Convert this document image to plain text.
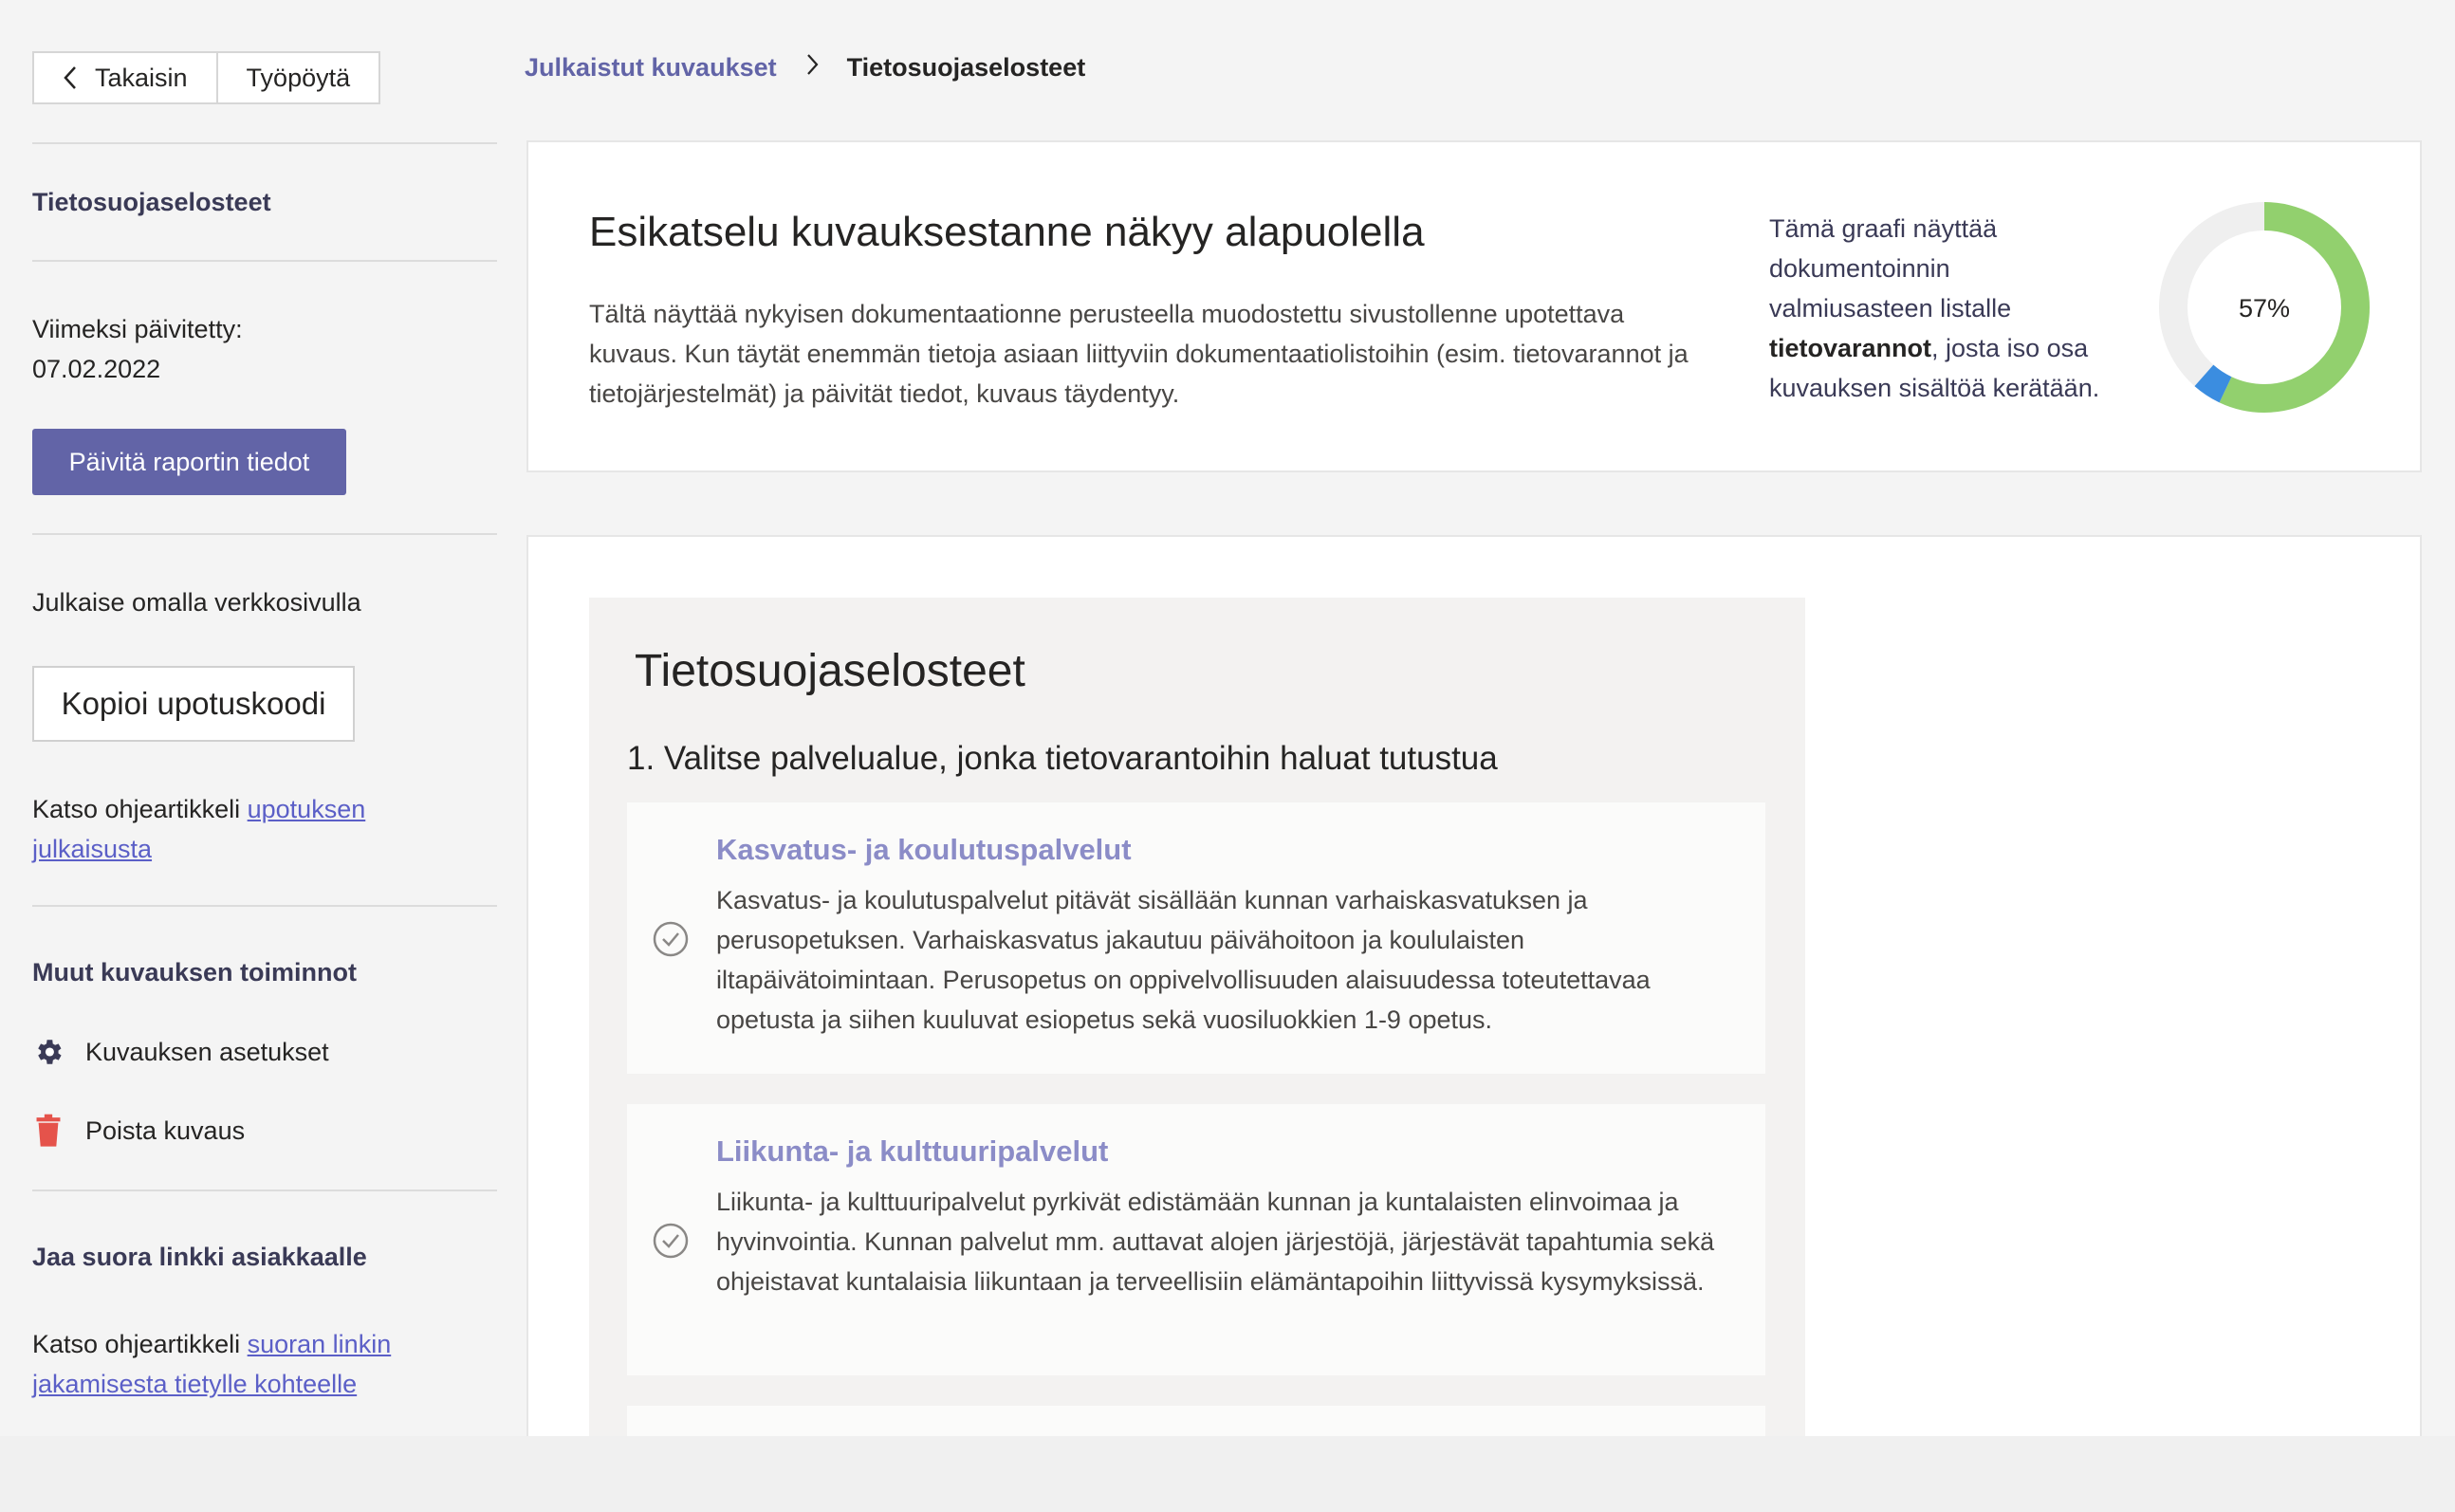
Takaisin Työpöytä
Tietosuojaselosteet
Viimeksi päivitetty:
07.02.2022
Päivitä raportin tiedot
Julkaise omalla verkkosivulla
Kopioi upotuskoodi
Katso ohjeartikkeli upotuksen julkaisusta
Muut kuvauksen toiminnot
Kuvauksen asetukset
Poista kuvaus
Jaa suora linkki asiakkaalle
Katso ohjeartikkeli suoran linkin jakamisesta tietylle kohteelle
Julkaistut kuvaukset	Tietosuojaselosteet
Esikatselu kuvauksestanne näkyy alapuolella
Tältä näyttää nykyisen dokumentaationne perusteella muodostettu sivustollenne upotettava kuvaus. Kun täytät enemmän tietoja asiaan liittyviin dokumentaatiolistoihin (esim. tietovarannot ja tietojärjestelmät) ja päivität tiedot, kuvaus täydentyy.
Tämä graafi näyttää dokumentoinnin valmiusasteen listalle tietovarannot, josta iso osa kuvauksen sisältöä kerätään.
57%
Tietosuojaselosteet
1. Valitse palvelualue, jonka tietovarantoihin haluat tutustua
Kasvatus- ja koulutuspalvelut
Kasvatus- ja koulutuspalvelut pitävät sisällään kunnan varhaiskasvatuksen ja perusopetuksen. Varhaiskasvatus jakautuu päivähoitoon ja koululaisten iltapäivätoimintaan. Perusopetus on oppivelvollisuuden alaisuudessa toteutettavaa opetusta ja siihen kuuluvat esiopetus sekä vuosiluokkien 1-9 opetus.
Liikunta- ja kulttuuripalvelut
Liikunta- ja kulttuuripalvelut pyrkivät edistämään kunnan ja kuntalaisten elinvoimaa ja hyvinvointia. Kunnan palvelut mm. auttavat alojen järjestöjä, järjestävät tapahtumia sekä ohjeistavat kuntalaisia liikuntaan ja terveellisiin elämäntapoihin liittyvissä kysymyksissä.
